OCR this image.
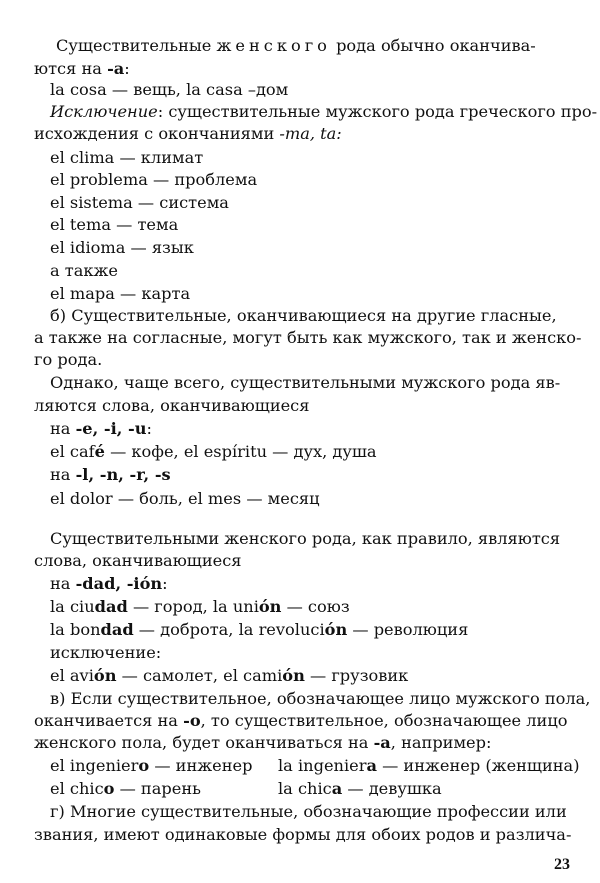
Существительные женского рода обычно оканчива-
ются на -а:
la cosa — вещь, la casa –дом
Исключение: существительные мужского рода греческого про-
исхождения с окончаниями -ma, ta:
el clima — климат
el problema — проблема
el sistema — система
el tema — тема
el idioma — язык
а также
el mapa — карта
б) Существительные, оканчивающиеся на другие гласные,
а также на согласные, могут быть как мужского, так и женско-
го рода.
Однако, чаще всего, существительными мужского рода яв-
ляются слова, оканчивающиеся
на -e, -i, -u:
el café — кофе, el espíritu — дух, душа
на -l, -n, -r, -s
el dolor — боль, el mes — месяц
Существительными женского рода, как правило, являются
слова, оканчивающиеся
на -dad, -ión:
la ciudad — город, la unión — союз
la bondad — доброта, la revolución — революция
исключение:
el avión — самолет, el camión — грузовик
в) Если существительное, обозначающее лицо мужского пола,
оканчивается на -о, то существительное, обозначающее лицо
женского пола, будет оканчиваться на -а, например:
el ingeniero — инженер la ingeniera — инженер (женщина)
el chico — парень	la chica — девушка
г) Многие существительные, обозначающие профессии или
звания, имеют одинаковые формы для обоих родов и различа-
23
